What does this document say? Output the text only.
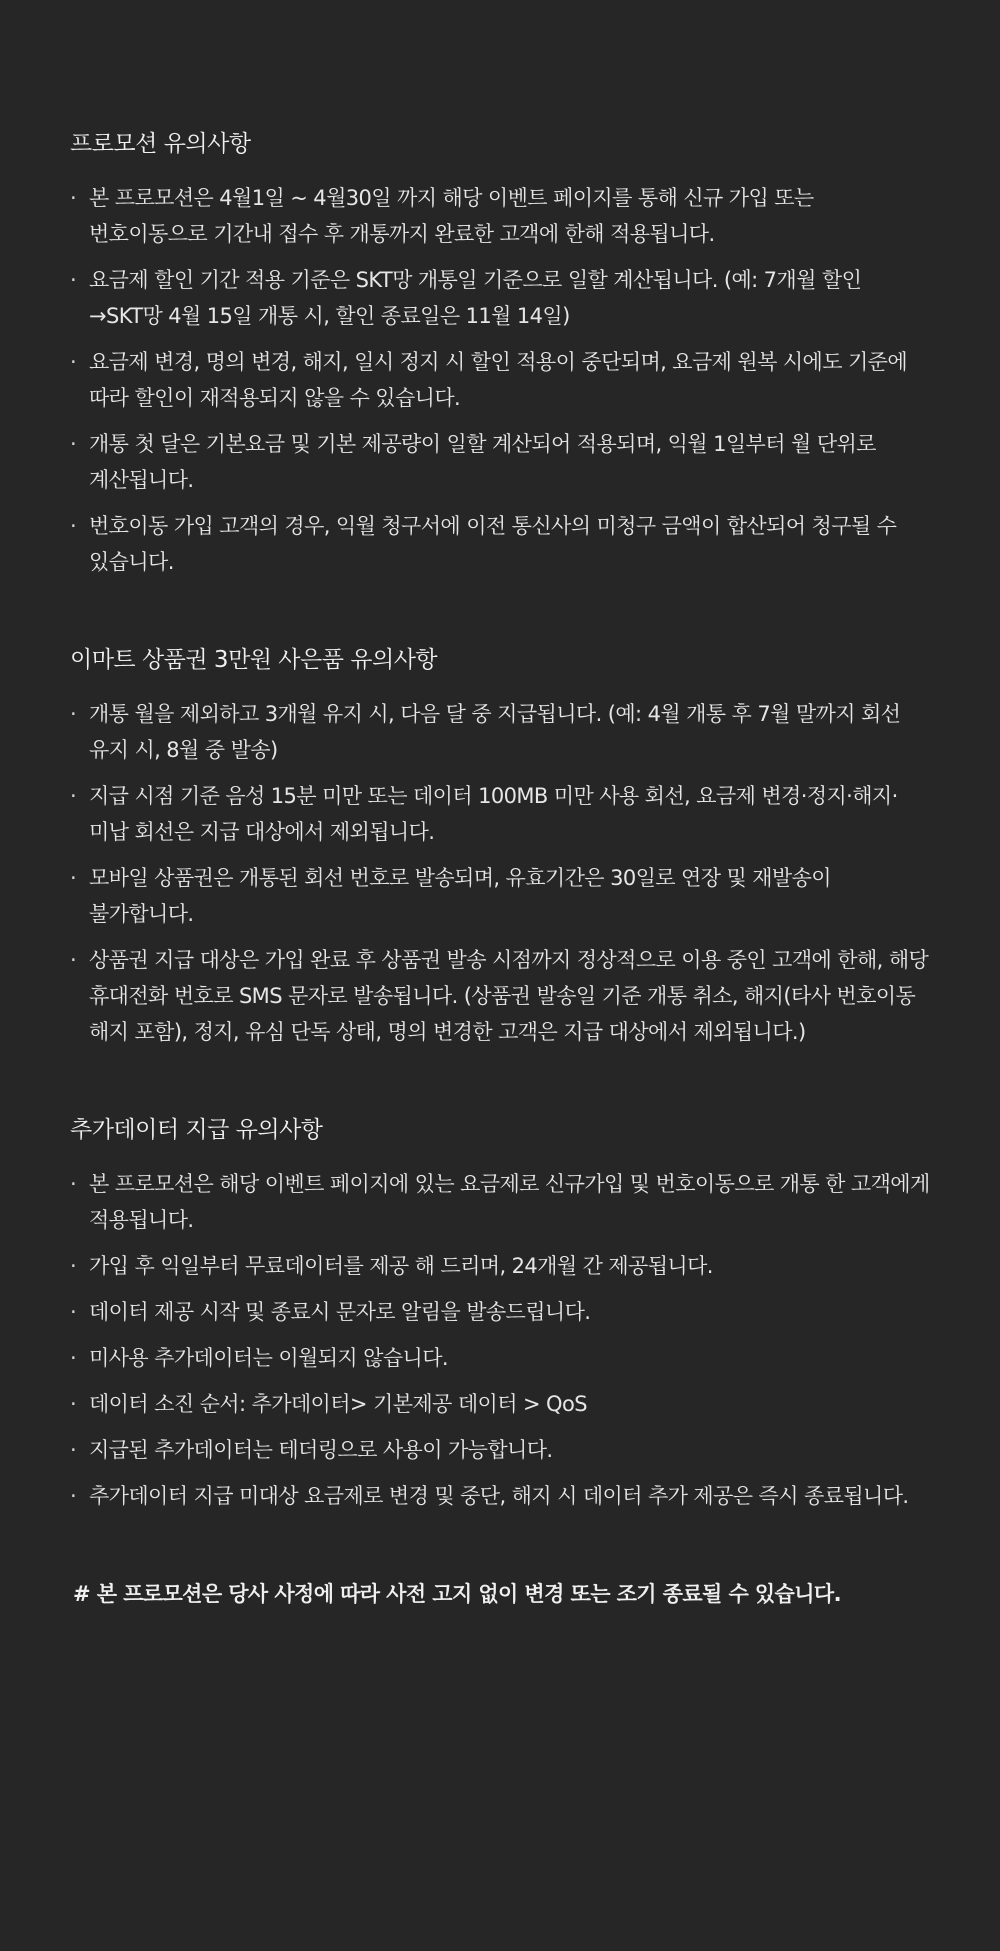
프로모션 유의사항
· 본 프로모션은 4월1일 ~ 4월30일 까지 해당 이벤트 페이지를 통해 신규 가입 또는 번호이동으로 기간내 접수 후 개통까지 완료한 고객에 한해 적용됩니다.
· 요금제 할인 기간 적용 기준은 SKT망 개통일 기준으로 일할 계산됩니다. (예: 7개월 할인→SKT망 4월 15일 개통 시, 할인 종료일은 11월 14일)
· 요금제 변경, 명의 변경, 해지, 일시 정지 시 할인 적용이 중단되며, 요금제 원복 시에도 기준에 따라 할인이 재적용되지 않을 수 있습니다.
· 개통 첫 달은 기본요금 및 기본 제공량이 일할 계산되어 적용되며, 익월 1일부터 월 단위로 계산됩니다.
· 번호이동 가입 고객의 경우, 익월 청구서에 이전 통신사의 미청구 금액이 합산되어 청구될 수 있습니다.
이마트 상품권 3만원 사은품 유의사항
· 개통 월을 제외하고 3개월 유지 시, 다음 달 중 지급됩니다. (예: 4월 개통 후 7월 말까지 회선 유지 시, 8월 중 발송)
· 지급 시점 기준 음성 15분 미만 또는 데이터 100MB 미만 사용 회선, 요금제 변경·정지·해지·미납 회선은 지급 대상에서 제외됩니다.
· 모바일 상품권은 개통된 회선 번호로 발송되며, 유효기간은 30일로 연장 및 재발송이 불가합니다.
· 상품권 지급 대상은 가입 완료 후 상품권 발송 시점까지 정상적으로 이용 중인 고객에 한해, 해당 휴대전화 번호로 SMS 문자로 발송됩니다. (상품권 발송일 기준 개통 취소, 해지(타사 번호이동 해지 포함), 정지, 유심 단독 상태, 명의 변경한 고객은 지급 대상에서 제외됩니다.)
추가데이터 지급 유의사항
· 본 프로모션은 해당 이벤트 페이지에 있는 요금제로 신규가입 및 번호이동으로 개통 한 고객에게 적용됩니다.
· 가입 후 익일부터 무료데이터를 제공 해 드리며, 24개월 간 제공됩니다.
· 데이터 제공 시작 및 종료시 문자로 알림을 발송드립니다.
· 미사용 추가데이터는 이월되지 않습니다.
· 데이터 소진 순서: 추가데이터> 기본제공 데이터 > QoS
· 지급된 추가데이터는 테더링으로 사용이 가능합니다.
· 추가데이터 지급 미대상 요금제로 변경 및 중단, 해지 시 데이터 추가 제공은 즉시 종료됩니다.

# 본 프로모션은 당사 사정에 따라 사전 고지 없이 변경 또는 조기 종료될 수 있습니다.
